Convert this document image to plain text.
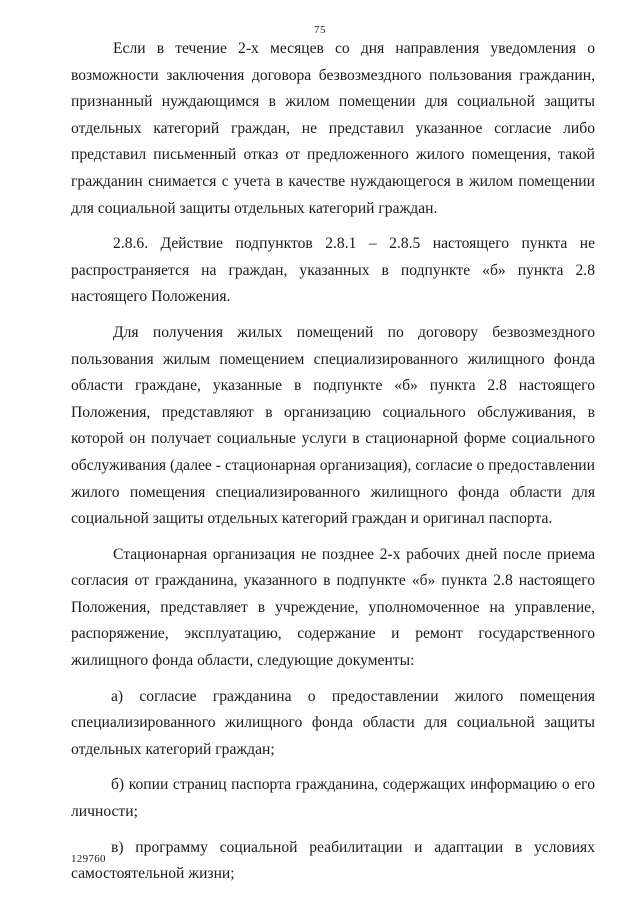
75

Если в течение 2-х месяцев со дня направления уведомления о возможности заключения договора безвозмездного пользования гражданин, признанный нуждающимся в жилом помещении для социальной защиты отдельных категорий граждан, не представил указанное согласие либо представил письменный отказ от предложенного жилого помещения, такой гражданин снимается с учета в качестве нуждающегося в жилом помещении для социальной защиты отдельных категорий граждан.

2.8.6. Действие подпунктов 2.8.1 – 2.8.5 настоящего пункта не распространяется на граждан, указанных в подпункте «б» пункта 2.8 настоящего Положения.

Для получения жилых помещений по договору безвозмездного пользования жилым помещением специализированного жилищного фонда области граждане, указанные в подпункте «б» пункта 2.8 настоящего Положения, представляют в организацию социального обслуживания, в которой он получает социальные услуги в стационарной форме социального обслуживания (далее - стационарная организация), согласие о предоставлении жилого помещения специализированного жилищного фонда области для социальной защиты отдельных категорий граждан и оригинал паспорта.

Стационарная организация не позднее 2-х рабочих дней после приема согласия от гражданина, указанного в подпункте «б» пункта 2.8 настоящего Положения, представляет в учреждение, уполномоченное на управление, распоряжение, эксплуатацию, содержание и ремонт государственного жилищного фонда области, следующие документы:

а) согласие гражданина о предоставлении жилого помещения специализированного жилищного фонда области для социальной защиты отдельных категорий граждан;

б) копии страниц паспорта гражданина, содержащих информацию о его личности;

в) программу социальной реабилитации и адаптации в условиях самостоятельной жизни;

129760
